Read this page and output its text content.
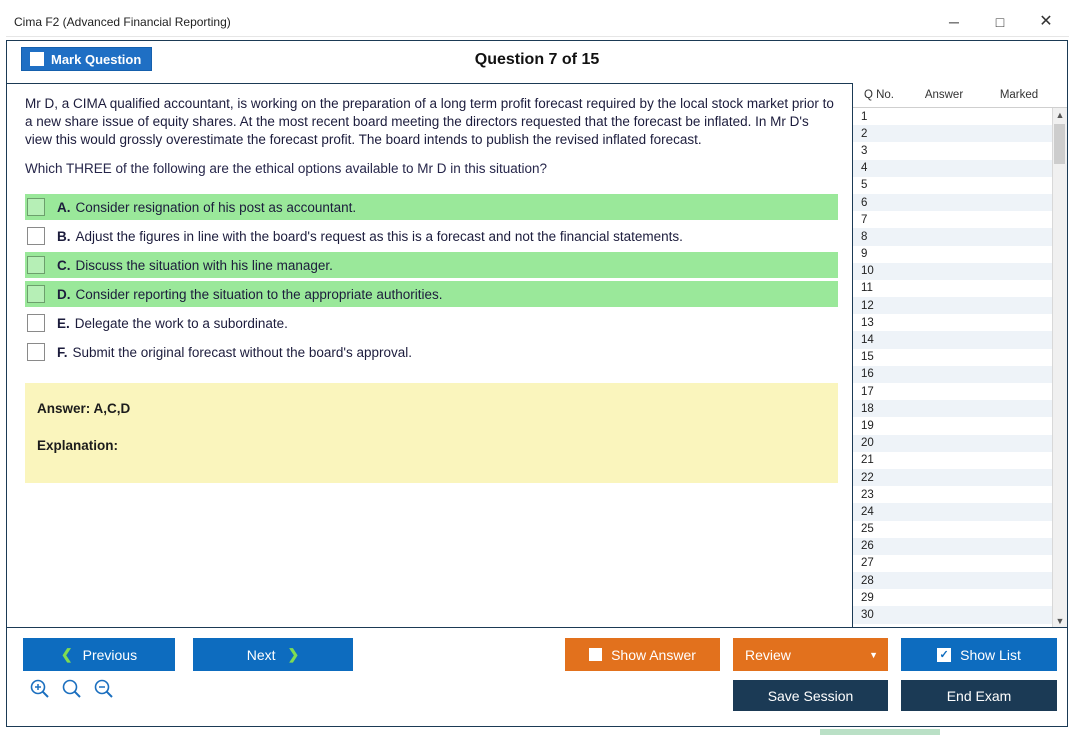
Cima F2 (Advanced Financial Reporting)	─	□	✕
Mark Question	Question 7 of 15

Mr D, a CIMA qualified accountant, is working on the preparation of a long term profit forecast required by the local stock market prior to a new share issue of equity shares. At the most recent board meeting the directors requested that the forecast be inflated. In Mr D's view this would grossly overestimate the forecast profit. The board intends to publish the revised inflated forecast.

Which THREE of the following are the ethical options available to Mr D in this situation?

A. Consider resignation of his post as accountant.
B. Adjust the figures in line with the board's request as this is a forecast and not the financial statements.
C. Discuss the situation with his line manager.
D. Consider reporting the situation to the appropriate authorities.
E. Delegate the work to a subordinate.
F. Submit the original forecast without the board's approval.
Answer: A,C,D
Explanation:
Q No.	Answer	Marked
1
2
3
4
5
6
7
8
9
10
11
12
13
14
15
16
17
18
19
20
21
22
23
24
25
26
27
28
29
30
▲
▼
❮ Previous	Next ❯	Show Answer	Review	▼	✓ Show List
Save Session	End Exam
